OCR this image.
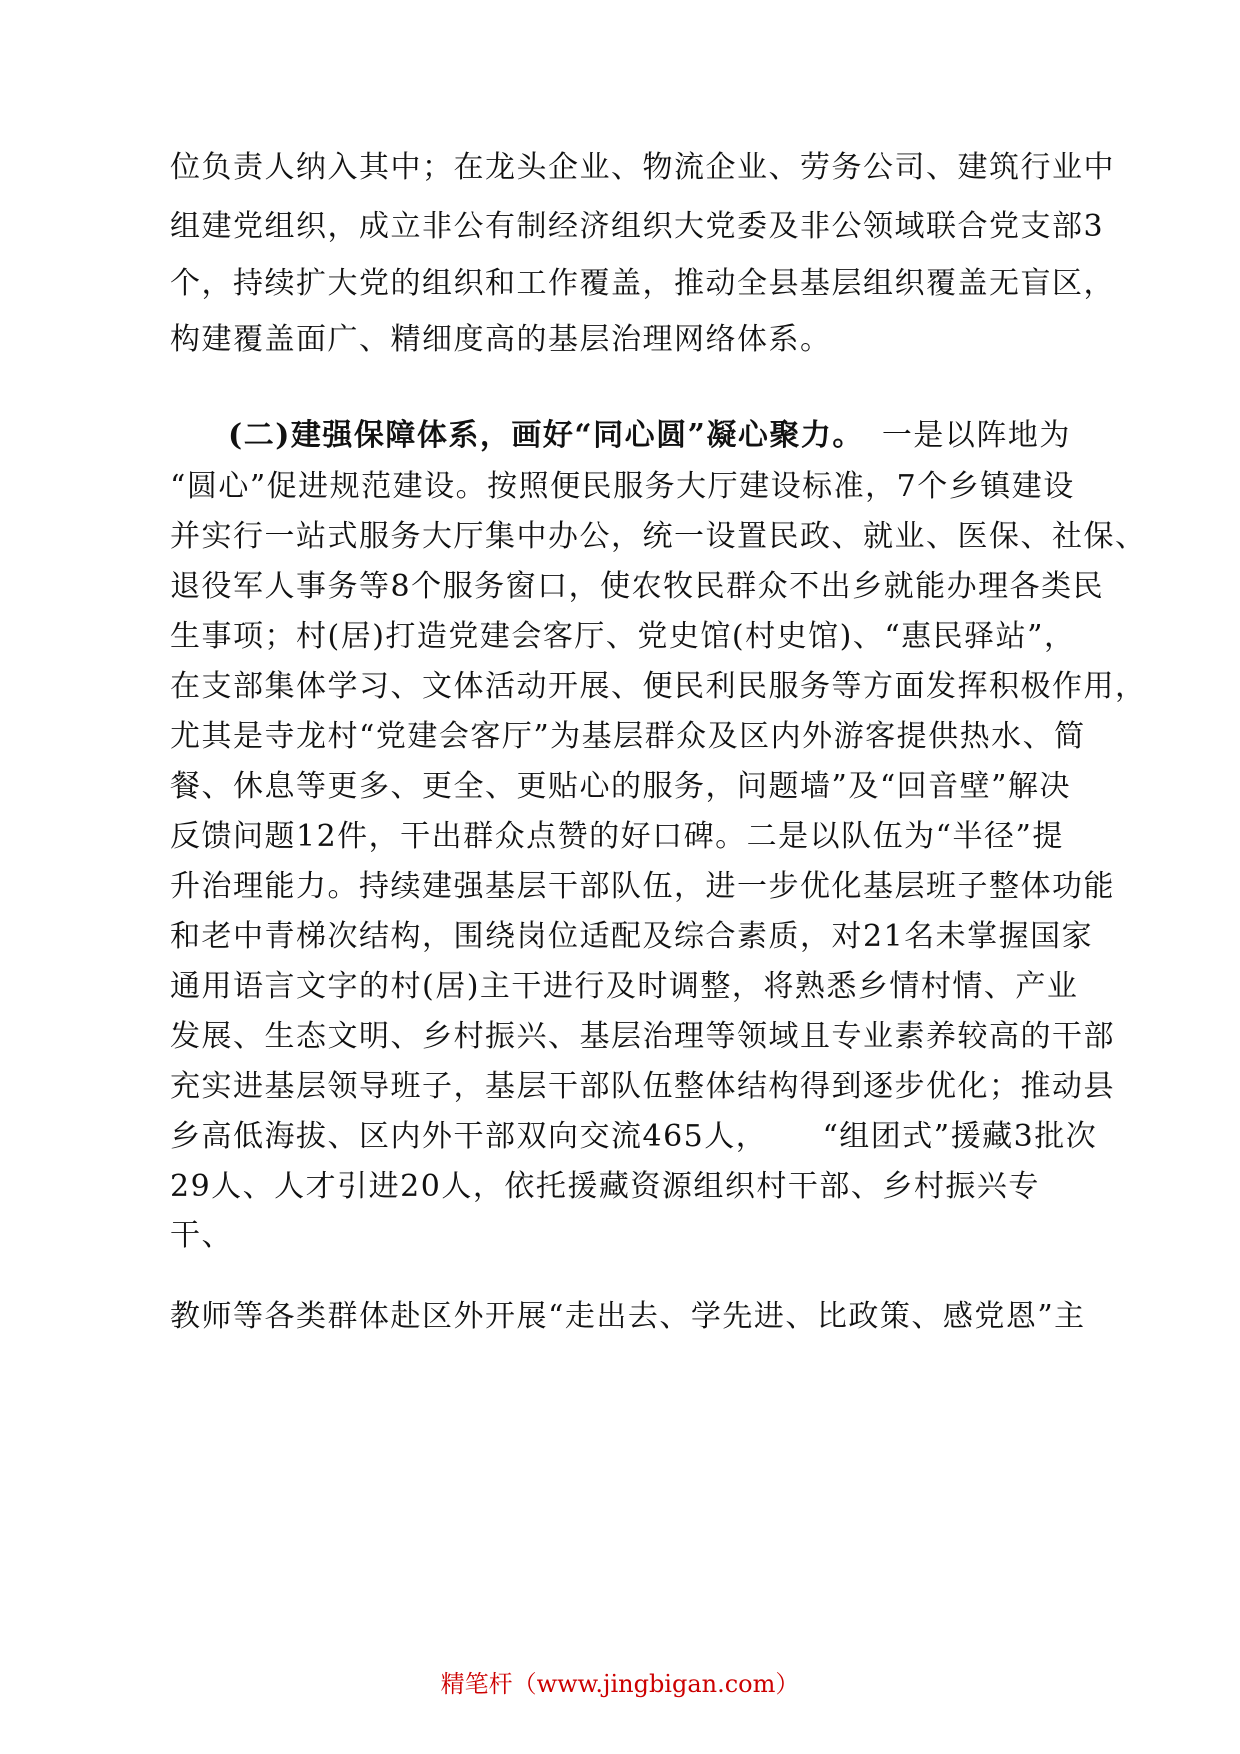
位负责人纳入其中；在龙头企业、物流企业、劳务公司、建筑行业中
组建党组织，成立非公有制经济组织大党委及非公领域联合党支部3
个，持续扩大党的组织和工作覆盖，推动全县基层组织覆盖无盲区，
构建覆盖面广、精细度高的基层治理网络体系。
(二)建强保障体系，画好“同心圆”凝心聚力。 一是以阵地为
“圆心”促进规范建设。按照便民服务大厅建设标准，7个乡镇建设
并实行一站式服务大厅集中办公，统一设置民政、就业、医保、社保、
退役军人事务等8个服务窗口，使农牧民群众不出乡就能办理各类民
生事项；村(居)打造党建会客厅、党史馆(村史馆)、“惠民驿站”，
在支部集体学习、文体活动开展、便民利民服务等方面发挥积极作用，
尤其是寺龙村“党建会客厅”为基层群众及区内外游客提供热水、简
餐、休息等更多、更全、更贴心的服务，问题墙”及“回音壁”解决
反馈问题12件，干出群众点赞的好口碑。二是以队伍为“半径”提
升治理能力。持续建强基层干部队伍，进一步优化基层班子整体功能
和老中青梯次结构，围绕岗位适配及综合素质，对21名未掌握国家
通用语言文字的村(居)主干进行及时调整，将熟悉乡情村情、产业
发展、生态文明、乡村振兴、基层治理等领域且专业素养较高的干部
充实进基层领导班子，基层干部队伍整体结构得到逐步优化；推动县
乡高低海拔、区内外干部双向交流465人，     “组团式”援藏3批次
29人、人才引进20人，依托援藏资源组织村干部、乡村振兴专
干、
教师等各类群体赴区外开展“走出去、学先进、比政策、感党恩”主
精笔杆（www.jingbigan.com）
